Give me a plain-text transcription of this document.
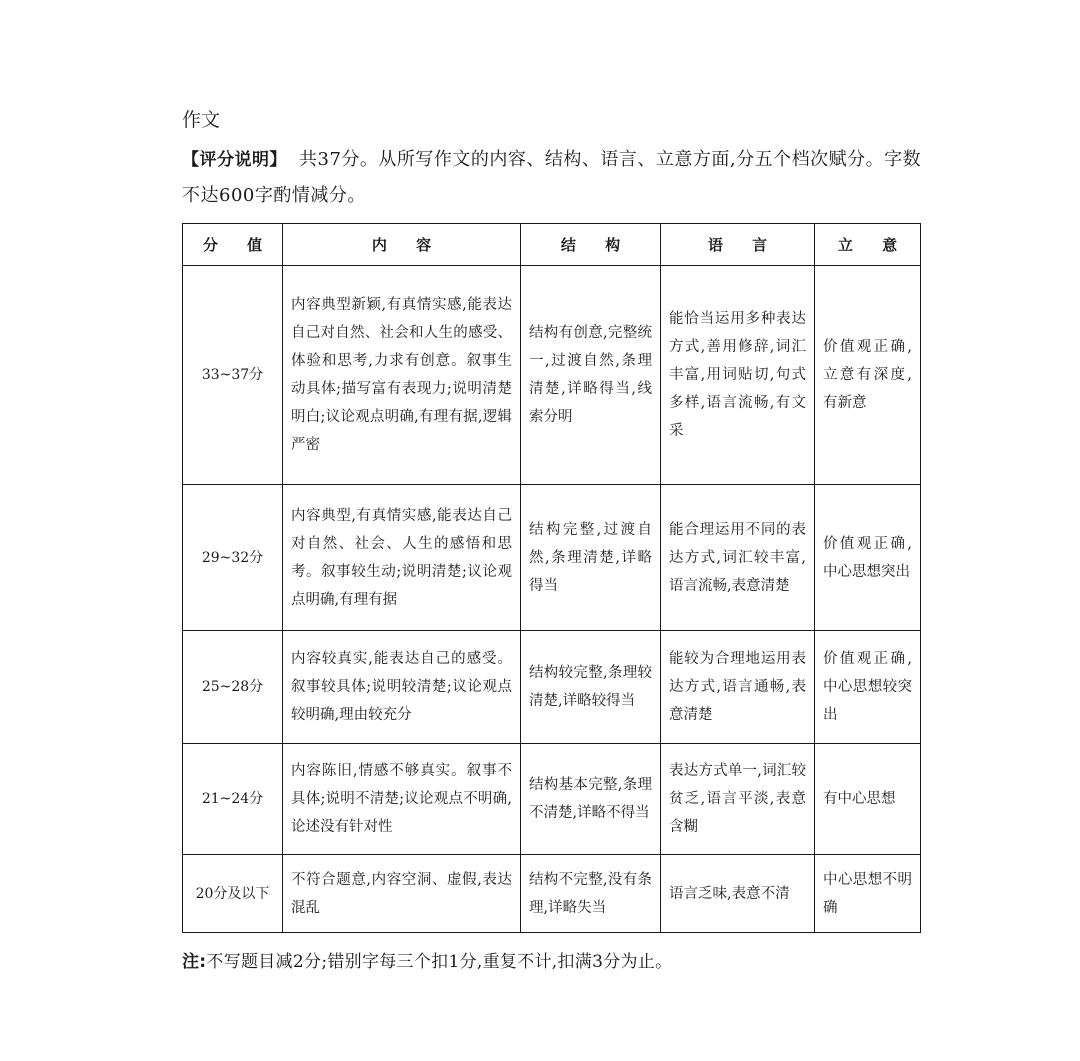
作文
【评分说明】 共37分。从所写作文的内容、结构、语言、立意方面,分五个档次赋分。字数不达600字酌情减分。
分 值	内 容	结 构	语 言	立 意
33~37分	内容典型新颖,有真情实感,能表达自己对自然、社会和人生的感受、体验和思考,力求有创意。叙事生动具体;描写富有表现力;说明清楚明白;议论观点明确,有理有据,逻辑严密	结构有创意,完整统一,过渡自然,条理清楚,详略得当,线索分明	能恰当运用多种表达方式,善用修辞,词汇丰富,用词贴切,句式多样,语言流畅,有文采	价值观正确,立意有深度,有新意
29~32分	内容典型,有真情实感,能表达自己对自然、社会、人生的感悟和思考。叙事较生动;说明清楚;议论观点明确,有理有据	结构完整,过渡自然,条理清楚,详略得当	能合理运用不同的表达方式,词汇较丰富,语言流畅,表意清楚	价值观正确,中心思想突出
25~28分	内容较真实,能表达自己的感受。叙事较具体;说明较清楚;议论观点较明确,理由较充分	结构较完整,条理较清楚,详略较得当	能较为合理地运用表达方式,语言通畅,表意清楚	价值观正确,中心思想较突出
21~24分	内容陈旧,情感不够真实。叙事不具体;说明不清楚;议论观点不明确,论述没有针对性	结构基本完整,条理不清楚,详略不得当	表达方式单一,词汇较贫乏,语言平淡,表意含糊	有中心思想
20分及以下	不符合题意,内容空洞、虚假,表达混乱	结构不完整,没有条理,详略失当	语言乏味,表意不清	中心思想不明确
注:不写题目减2分;错别字每三个扣1分,重复不计,扣满3分为止。
